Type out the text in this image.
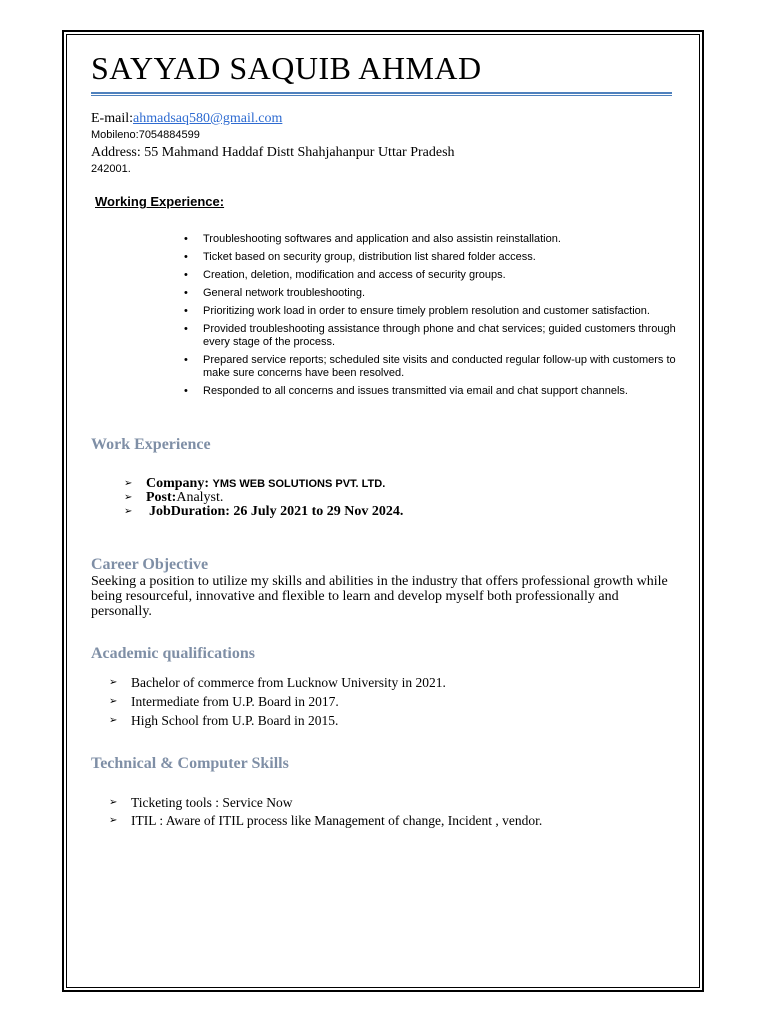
SAYYAD SAQUIB AHMAD
E-mail:ahmadsaq580@gmail.com
Mobileno:7054884599
Address: 55 Mahmand Haddaf Distt Shahjahanpur Uttar Pradesh
242001.
Working Experience:
• Troubleshooting softwares and application and also assistin reinstallation.
• Ticket based on security group, distribution list shared folder access.
• Creation, deletion, modification and access of security groups.
• General network troubleshooting.
• Prioritizing work load in order to ensure timely problem resolution and customer satisfaction.
• Provided troubleshooting assistance through phone and chat services; guided customers through every stage of the process.
• Prepared service reports; scheduled site visits and conducted regular follow-up with customers to make sure concerns have been resolved.
• Responded to all concerns and issues transmitted via email and chat support channels.
Work Experience
➢ Company: YMS WEB SOLUTIONS PVT. LTD.
➢ Post:Analyst.
➢ JobDuration: 26 July 2021 to 29 Nov 2024.
Career Objective

Seeking a position to utilize my skills and abilities in the industry that offers professional growth while being resourceful, innovative and flexible to learn and develop myself both professionally and personally.

Academic qualifications
➢ Bachelor of commerce from Lucknow University in 2021.
➢ Intermediate from U.P. Board in 2017.
➢ High School from U.P. Board in 2015.
Technical & Computer Skills
➢ Ticketing tools : Service Now
➢ ITIL : Aware of ITIL process like Management of change, Incident , vendor.
